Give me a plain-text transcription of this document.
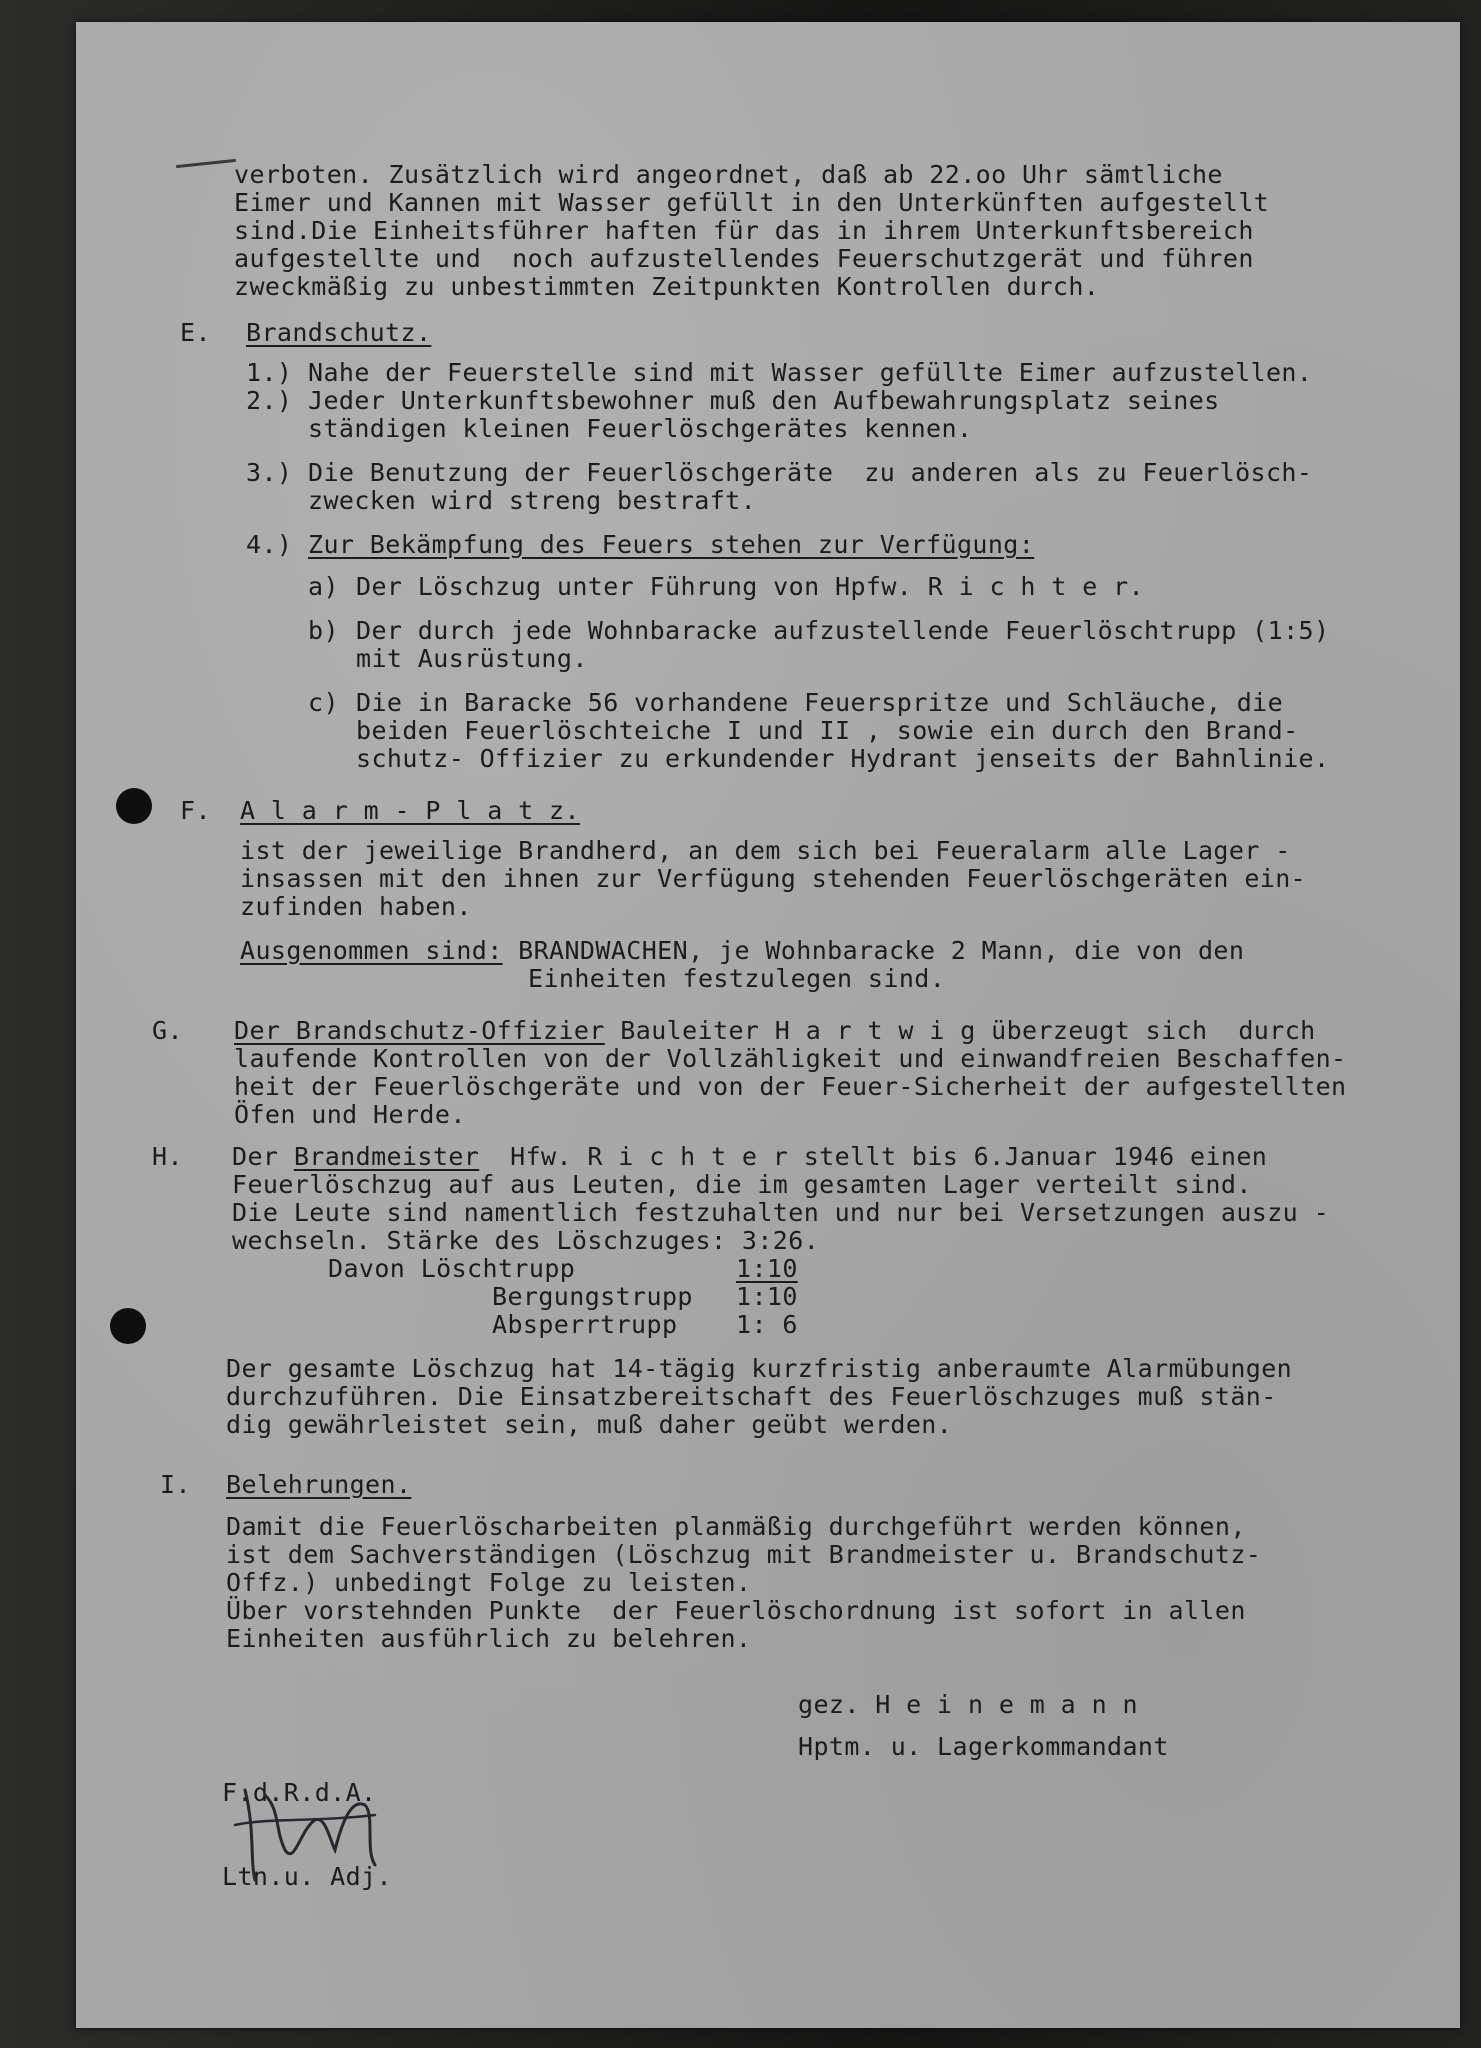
verboten. Zusätzlich wird angeordnet, daß ab 22.oo Uhr sämtliche
Eimer und Kannen mit Wasser gefüllt in den Unterkünften aufgestellt
sind.Die Einheitsführer haften für das in ihrem Unterkunftsbereich
aufgestellte und  noch aufzustellendes Feuerschutzgerät und führen
zweckmäßig zu unbestimmten Zeitpunkten Kontrollen durch.
E. Brandschutz.
1.) Nahe der Feuerstelle sind mit Wasser gefüllte Eimer aufzustellen.
2.) Jeder Unterkunftsbewohner muß den Aufbewahrungsplatz seines
ständigen kleinen Feuerlöschgerätes kennen.
3.) Die Benutzung der Feuerlöschgeräte  zu anderen als zu Feuerlösch-
zwecken wird streng bestraft.
4.) Zur Bekämpfung des Feuers stehen zur Verfügung:
a) Der Löschzug unter Führung von Hpfw. R i c h t e r.
b) Der durch jede Wohnbaracke aufzustellende Feuerlöschtrupp (1:5)
mit Ausrüstung.
c) Die in Baracke 56 vorhandene Feuerspritze und Schläuche, die
beiden Feuerlöschteiche I und II , sowie ein durch den Brand-
schutz- Offizier zu erkundender Hydrant jenseits der Bahnlinie.
F. A l a r m - P l a t z.
ist der jeweilige Brandherd, an dem sich bei Feueralarm alle Lager -
insassen mit den ihnen zur Verfügung stehenden Feuerlöschgeräten ein-
zufinden haben.
Ausgenommen sind: BRANDWACHEN, je Wohnbaracke 2 Mann, die von den
Einheiten festzulegen sind.
G. Der Brandschutz-Offizier Bauleiter H a r t w i g überzeugt sich  durch
laufende Kontrollen von der Vollzähligkeit und einwandfreien Beschaffen-
heit der Feuerlöschgeräte und von der Feuer-Sicherheit der aufgestellten
Öfen und Herde.
H. Der Brandmeister  Hfw. R i c h t e r stellt bis 6.Januar 1946 einen
Feuerlöschzug auf aus Leuten, die im gesamten Lager verteilt sind.
Die Leute sind namentlich festzuhalten und nur bei Versetzungen auszu -
wechseln. Stärke des Löschzuges: 3:26.
Davon Löschtrupp	1:10
Bergungstrupp 1:10
Absperrtrupp 1: 6
Der gesamte Löschzug hat 14-tägig kurzfristig anberaumte Alarmübungen
durchzuführen. Die Einsatzbereitschaft des Feuerlöschzuges muß stän-
dig gewährleistet sein, muß daher geübt werden.
I. Belehrungen.
Damit die Feuerlöscharbeiten planmäßig durchgeführt werden können,
ist dem Sachverständigen (Löschzug mit Brandmeister u. Brandschutz-
Offz.) unbedingt Folge zu leisten.
Über vorstehnden Punkte  der Feuerlöschordnung ist sofort in allen
Einheiten ausführlich zu belehren.
gez. H e i n e m a n n
Hptm. u. Lagerkommandant
F.d.R.d.A.
Ltn.u. Adj.
